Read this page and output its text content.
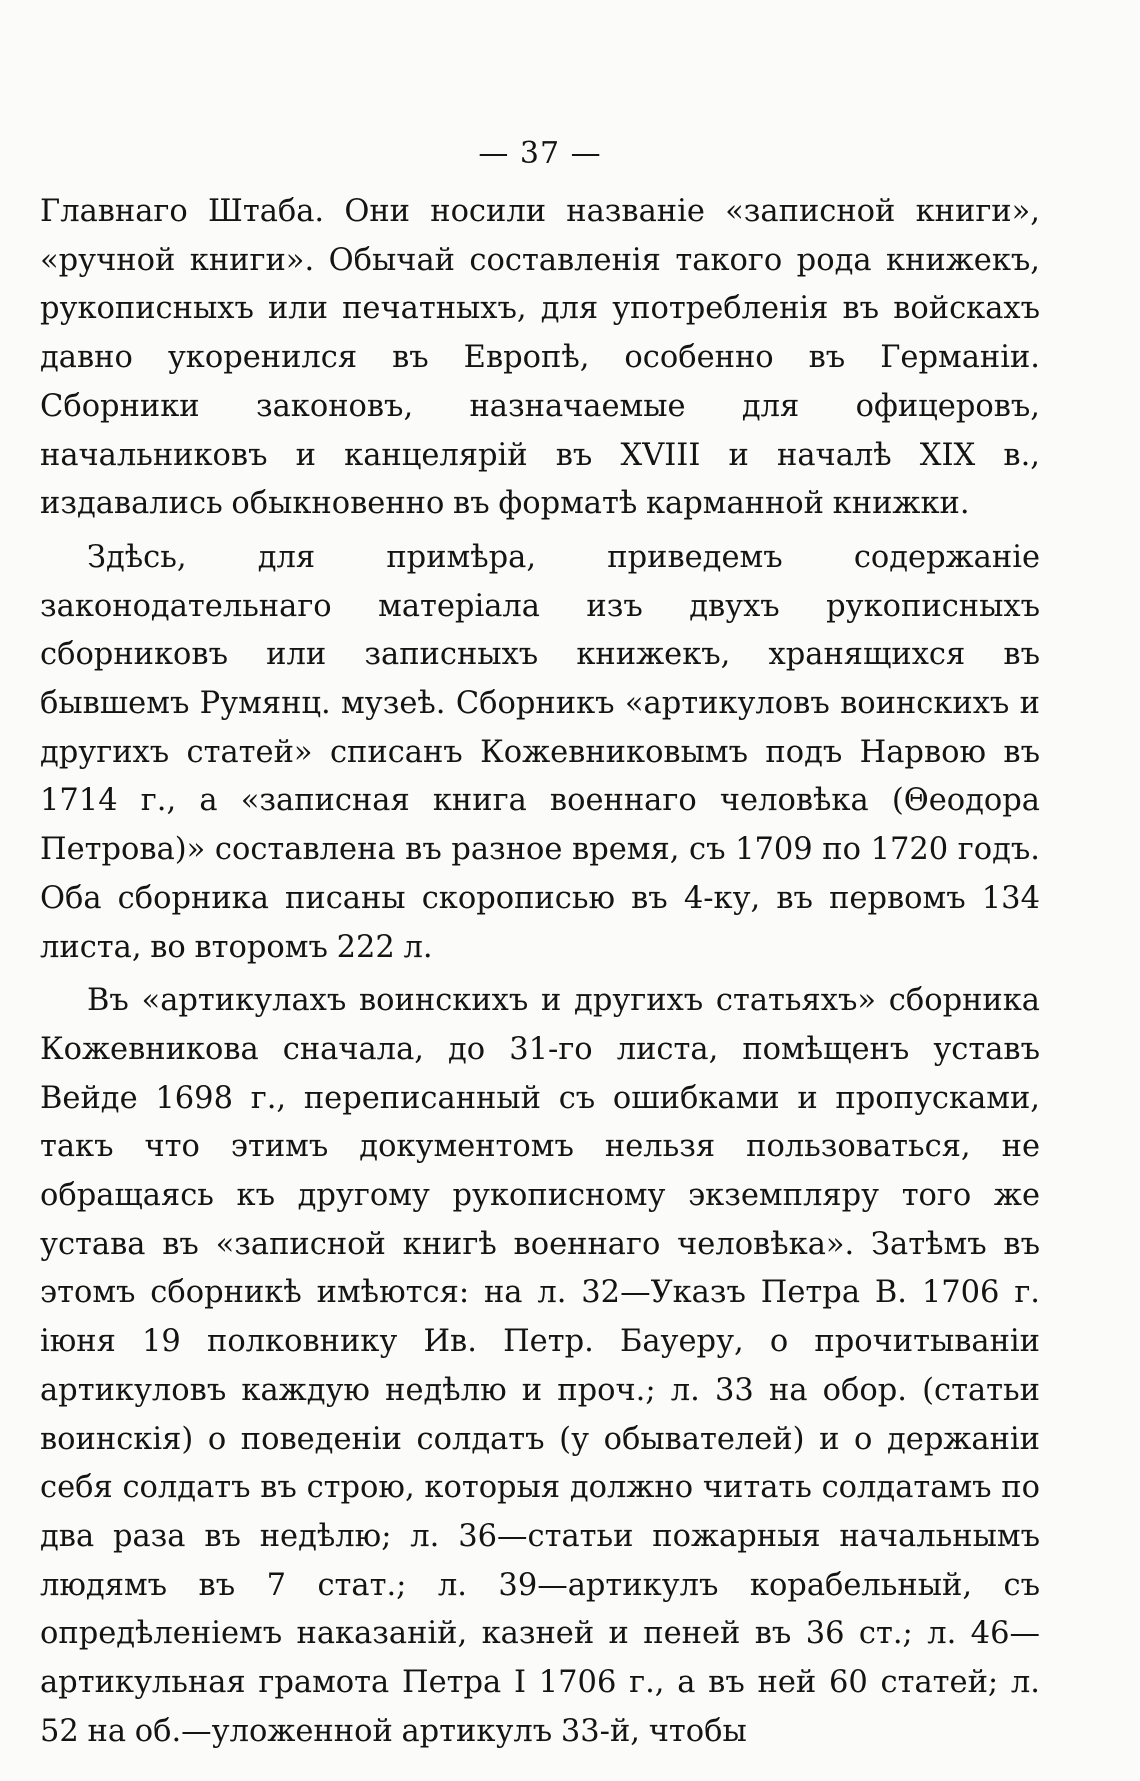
— 37 —

Главнаго Штаба. Они носили названіе «записной книги», «ручной книги». Обычай составленія такого рода книжекъ, рукописныхъ или печатныхъ, для употребленія въ войскахъ давно укоренился въ Европѣ, особенно въ Германіи. Сборники законовъ, назначаемые для офицеровъ, начальниковъ и канцелярій въ XVIII и началѣ XIX в., издавались обыкновенно въ форматѣ карманной книжки.

Здѣсь, для примѣра, приведемъ содержаніе законодательнаго матеріала изъ двухъ рукописныхъ сборниковъ или записныхъ книжекъ, хранящихся въ бывшемъ Румянц. музеѣ. Сборникъ «артикуловъ воинскихъ и другихъ статей» списанъ Кожевниковымъ подъ Нарвою въ 1714 г., а «записная книга военнаго человѣка (Θеодора Петрова)» составлена въ разное время, съ 1709 по 1720 годъ. Оба сборника писаны скорописью въ 4-ку, въ первомъ 134 листа, во второмъ 222 л.

Въ «артикулахъ воинскихъ и другихъ статьяхъ» сборника Кожевникова сначала, до 31-го листа, помѣщенъ уставъ Вейде 1698 г., переписанный съ ошибками и пропусками, такъ что этимъ документомъ нельзя пользоваться, не обращаясь къ другому рукописному экземпляру того же устава въ «записной книгѣ военнаго человѣка». Затѣмъ въ этомъ сборникѣ имѣются: на л. 32—Указъ Петра В. 1706 г. іюня 19 полковнику Ив. Петр. Бауеру, о прочитываніи артикуловъ каждую недѣлю и проч.; л. 33 на обор. (статьи воинскія) о поведеніи солдатъ (у обывателей) и о держаніи себя солдатъ въ строю, которыя должно читать солдатамъ по два раза въ недѣлю; л. 36—статьи пожарныя начальнымъ людямъ въ 7 стат.; л. 39—артикулъ корабельный, съ опредѣленіемъ наказаній, казней и пеней въ 36 ст.; л. 46—артикульная грамота Петра I 1706 г., а въ ней 60 статей; л. 52 на об.—уложенной артикулъ 33-й, чтобы
